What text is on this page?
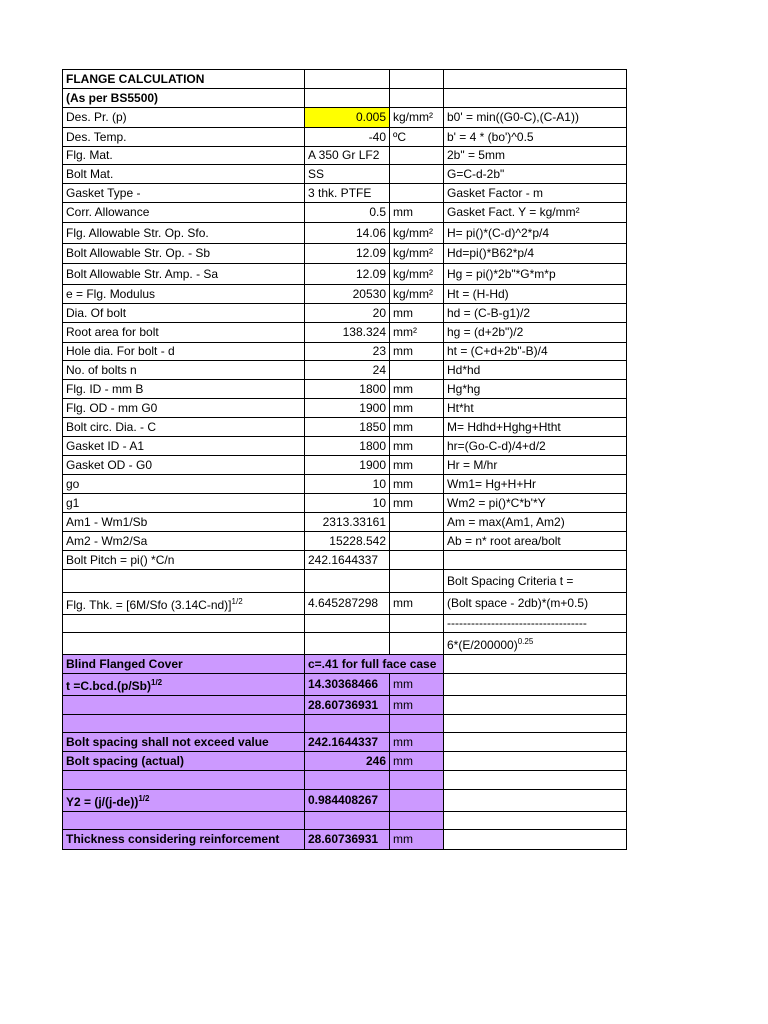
FLANGE CALCULATION			
(As per BS5500)			
Des. Pr. (p)	0.005	kg/mm²	b0' = min((G0-C),(C-A1))
Des. Temp.	-40	ºC	b' = 4 * (bo')^0.5
Flg. Mat.	A 350 Gr LF2		2b" = 5mm
Bolt Mat.	SS		G=C-d-2b"
Gasket Type -	3 thk. PTFE		Gasket Factor - m
Corr. Allowance	0.5	mm	Gasket Fact. Y = kg/mm²
Flg. Allowable Str. Op. Sfo.	14.06	kg/mm²	H= pi()*(C-d)^2*p/4
Bolt Allowable Str. Op. - Sb	12.09	kg/mm²	Hd=pi()*B62*p/4
Bolt Allowable Str. Amp. - Sa	12.09	kg/mm²	Hg = pi()*2b"*G*m*p
e = Flg. Modulus	20530	kg/mm²	Ht = (H-Hd)
Dia. Of bolt	20	mm	hd = (C-B-g1)/2
Root area for bolt	138.324	mm²	hg = (d+2b")/2
Hole dia. For bolt - d	23	mm	ht = (C+d+2b"-B)/4
No. of bolts n	24		Hd*hd
Flg. ID - mm B	1800	mm	Hg*hg
Flg. OD - mm G0	1900	mm	Ht*ht
Bolt circ. Dia. - C	1850	mm	M= Hdhd+Hghg+Htht
Gasket ID - A1	1800	mm	hr=(Go-C-d)/4+d/2
Gasket OD - G0	1900	mm	Hr = M/hr
go	10	mm	Wm1= Hg+H+Hr
g1	10	mm	Wm2 = pi()*C*b'*Y
Am1 - Wm1/Sb	2313.33161		Am = max(Am1, Am2)
Am2 - Wm2/Sa	15228.542		Ab = n* root area/bolt
Bolt Pitch = pi() *C/n	242.1644337		
			Bolt Spacing Criteria t =
Flg. Thk. = [6M/Sfo (3.14C-nd)]$^{1/2}$	4.645287298	mm	(Bolt space - 2db)*(m+0.5)
			-----------------------------------
			$6*(E/200000)^{0.25}$
Blind Flanged Cover	c=.41 for full face case		
$t =C.bcd.(p/Sb)^{1/2}$	14.30368466	mm	
	28.60736931	mm	

Bolt spacing shall not exceed value	242.1644337	mm	
Bolt spacing (actual)	246	mm	

$Y2 = (j/(j-de))^{1/2}$	0.984408267		

Thickness considering reinforcement	28.60736931	mm	
